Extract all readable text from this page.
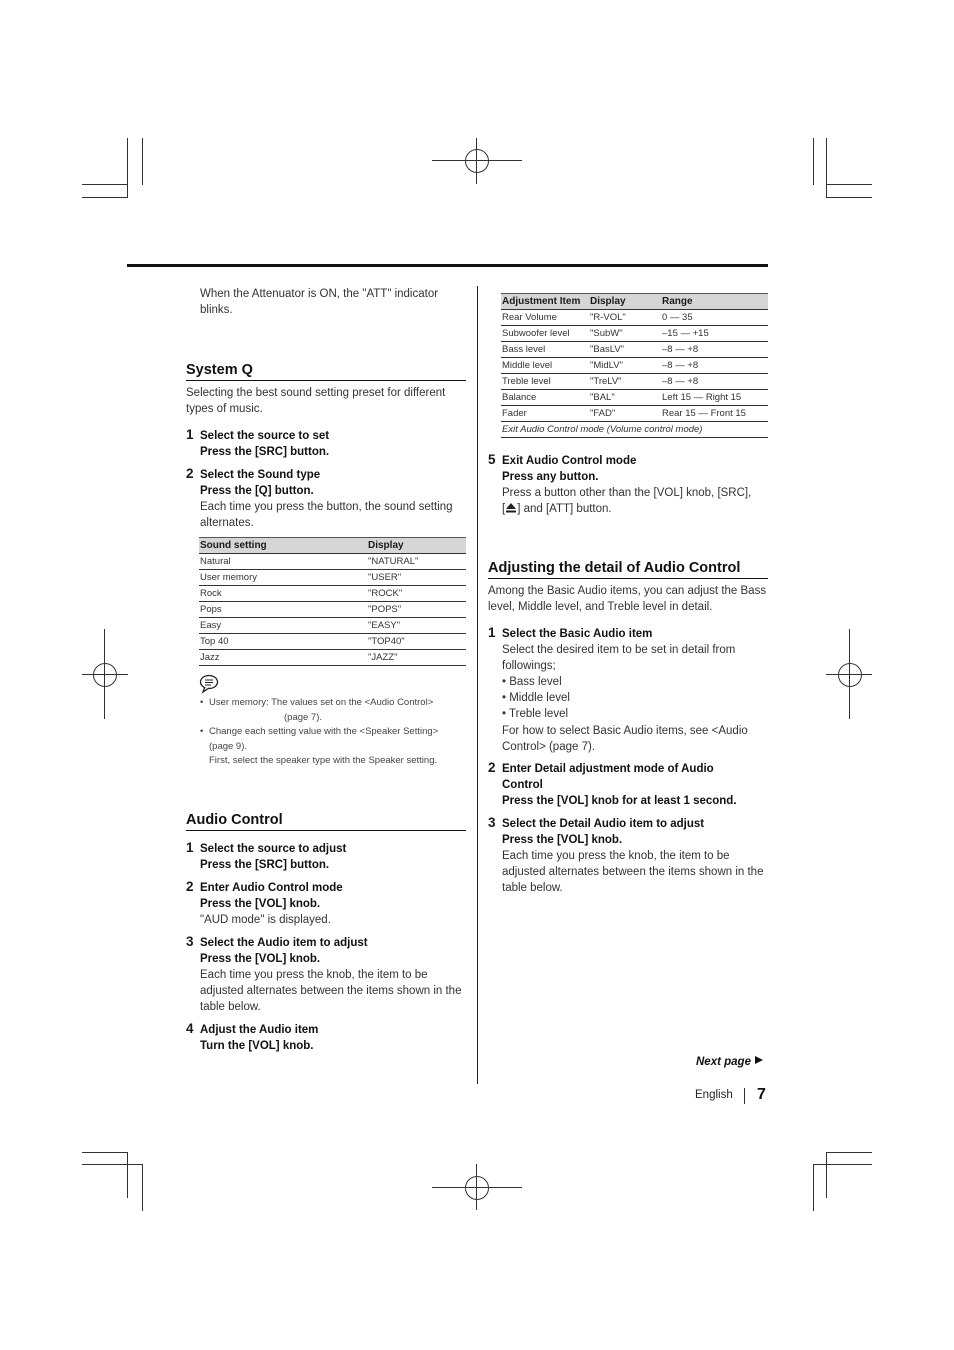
When the Attenuator is ON, the "ATT" indicator blinks.
System Q
Selecting the best sound setting preset for different types of music.
1 Select the source to set
Press the [SRC] button.
2 Select the Sound type
Press the [Q] button.
Each time you press the button, the sound setting alternates.
Sound setting	Display
Natural	"NATURAL"
User memory	"USER"
Rock	"ROCK"
Pops	"POPS"
Easy	"EASY"
Top 40	"TOP40"
Jazz	"JAZZ"
• User memory: The values set on the <Audio Control>
(page 7).
• Change each setting value with the <Speaker Setting>
(page 9).
First, select the speaker type with the Speaker setting.
Audio Control
1 Select the source to adjust
Press the [SRC] button.
2 Enter Audio Control mode
Press the [VOL] knob.
"AUD mode" is displayed.
3 Select the Audio item to adjust
Press the [VOL] knob.
Each time you press the knob, the item to be adjusted alternates between the items shown in the table below.
4 Adjust the Audio item
Turn the [VOL] knob.
Adjustment Item	Display	Range
Rear Volume	"R-VOL"	0 — 35
Subwoofer level	"SubW"	–15 — +15
Bass level	"BasLV"	–8 — +8
Middle level	"MidLV"	–8 — +8
Treble level	"TreLV"	–8 — +8
Balance	"BAL"	Left 15 — Right 15
Fader	"FAD"	Rear 15 — Front 15
Exit Audio Control mode (Volume control mode)		
5 Exit Audio Control mode
Press any button.
Press a button other than the [VOL] knob, [SRC],
[ ] and [ATT] button.
Adjusting the detail of Audio Control
Among the Basic Audio items, you can adjust the Bass level, Middle level, and Treble level in detail.
1 Select the Basic Audio item
Select the desired item to be set in detail from followings;
• Bass level
• Middle level
• Treble level
For how to select Basic Audio items, see <Audio Control> (page 7).
2 Enter Detail adjustment mode of Audio Control
Press the [VOL] knob for at least 1 second.
3 Select the Detail Audio item to adjust
Press the [VOL] knob.
Each time you press the knob, the item to be adjusted alternates between the items shown in the table below.
Next page
English 7
